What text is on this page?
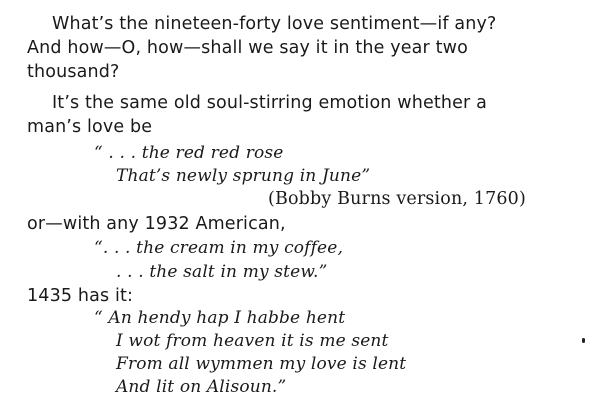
What’s the nineteen-forty love sentiment—if any?
And how—O, how—shall we say it in the year two
thousand?
It’s the same old soul-stirring emotion whether a
man’s love be
“ . . . the red red rose
That’s newly sprung in June”
(Bobby Burns version, 1760)
or—with any 1932 American,
“. . . the cream in my coffee,
. . . the salt in my stew.”
1435 has it:
“ An hendy hap I habbe hent
I wot from heaven it is me sent
From all wymmen my love is lent
And lit on Alisoun.”
